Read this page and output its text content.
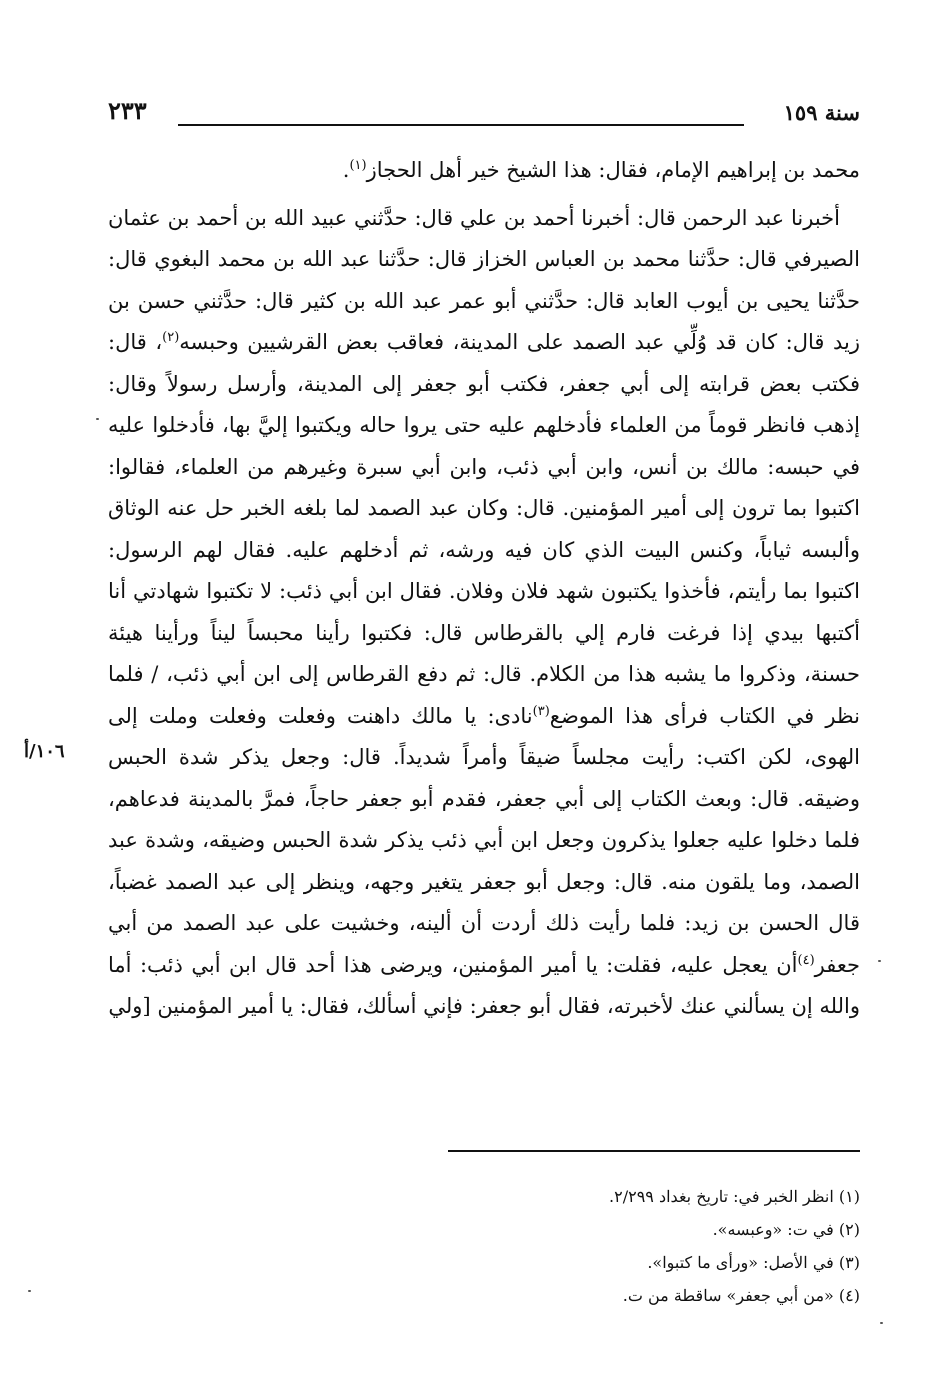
٢٣٣	سنة ١٥٩
١٠٦/أ

محمد بن إبراهيم الإمام، فقال: هذا الشيخ خير أهل الحجاز$^{(١)}$.

أخبرنا عبد الرحمن قال: أخبرنا أحمد بن علي قال: حدَّثني عبيد الله بن أحمد بن عثمان الصيرفي قال: حدَّثنا محمد بن العباس الخزاز قال: حدَّثنا عبد الله بن محمد البغوي قال: حدَّثنا يحيى بن أيوب العابد قال: حدَّثني أبو عمر عبد الله بن كثير قال: حدَّثني حسن بن زيد قال: كان قد وُلِّي عبد الصمد على المدينة، فعاقب بعض القرشيين وحبسه$^{(٢)}$، قال: فكتب بعض قرابته إلى أبي جعفر، فكتب أبو جعفر إلى المدينة، وأرسل رسولاً وقال: إذهب فانظر قوماً من العلماء فأدخلهم عليه حتى يروا حاله ويكتبوا إليَّ بها، فأدخلوا عليه في حبسه: مالك بن أنس، وابن أبي ذئب، وابن أبي سبرة وغيرهم من العلماء، فقالوا: اكتبوا بما ترون إلى أمير المؤمنين. قال: وكان عبد الصمد لما بلغه الخبر حل عنه الوثاق وألبسه ثياباً، وكنس البيت الذي كان فيه ورشه، ثم أدخلهم عليه. فقال لهم الرسول: اكتبوا بما رأيتم، فأخذوا يكتبون شهد فلان وفلان. فقال ابن أبي ذئب: لا تكتبوا شهادتي أنا أكتبها بيدي إذا فرغت فارم إلي بالقرطاس قال: فكتبوا رأينا محبساً ليناً ورأينا هيئة حسنة، وذكروا ما يشبه هذا من الكلام. قال: ثم دفع القرطاس إلى ابن أبي ذئب، / فلما نظر في الكتاب فرأى هذا الموضع$^{(٣)}$نادى: يا مالك داهنت وفعلت وفعلت وملت إلى الهوى، لكن اكتب: رأيت مجلساً ضيقاً وأمراً شديداً. قال: وجعل يذكر شدة الحبس وضيقه. قال: وبعث الكتاب إلى أبي جعفر، فقدم أبو جعفر حاجاً، فمرَّ بالمدينة فدعاهم، فلما دخلوا عليه جعلوا يذكرون وجعل ابن أبي ذئب يذكر شدة الحبس وضيقه، وشدة عبد الصمد، وما يلقون منه. قال: وجعل أبو جعفر يتغير وجهه، وينظر إلى عبد الصمد غضباً، قال الحسن بن زيد: فلما رأيت ذلك أردت أن ألينه، وخشيت على عبد الصمد من أبي جعفر$^{(٤)}$أن يعجل عليه، فقلت: يا أمير المؤمنين، ويرضى هذا أحد قال ابن أبي ذئب: أما والله إن يسألني عنك لأخبرته، فقال أبو جعفر: فإني أسألك، فقال: يا أمير المؤمنين [ولي

(١) انظر الخبر في: تاريخ بغداد ٢/٢٩٩.
(٢) في ت: «وعبسه».
(٣) في الأصل: «ورأى ما كتبوا».
(٤) «من أبي جعفر» ساقطة من ت.
